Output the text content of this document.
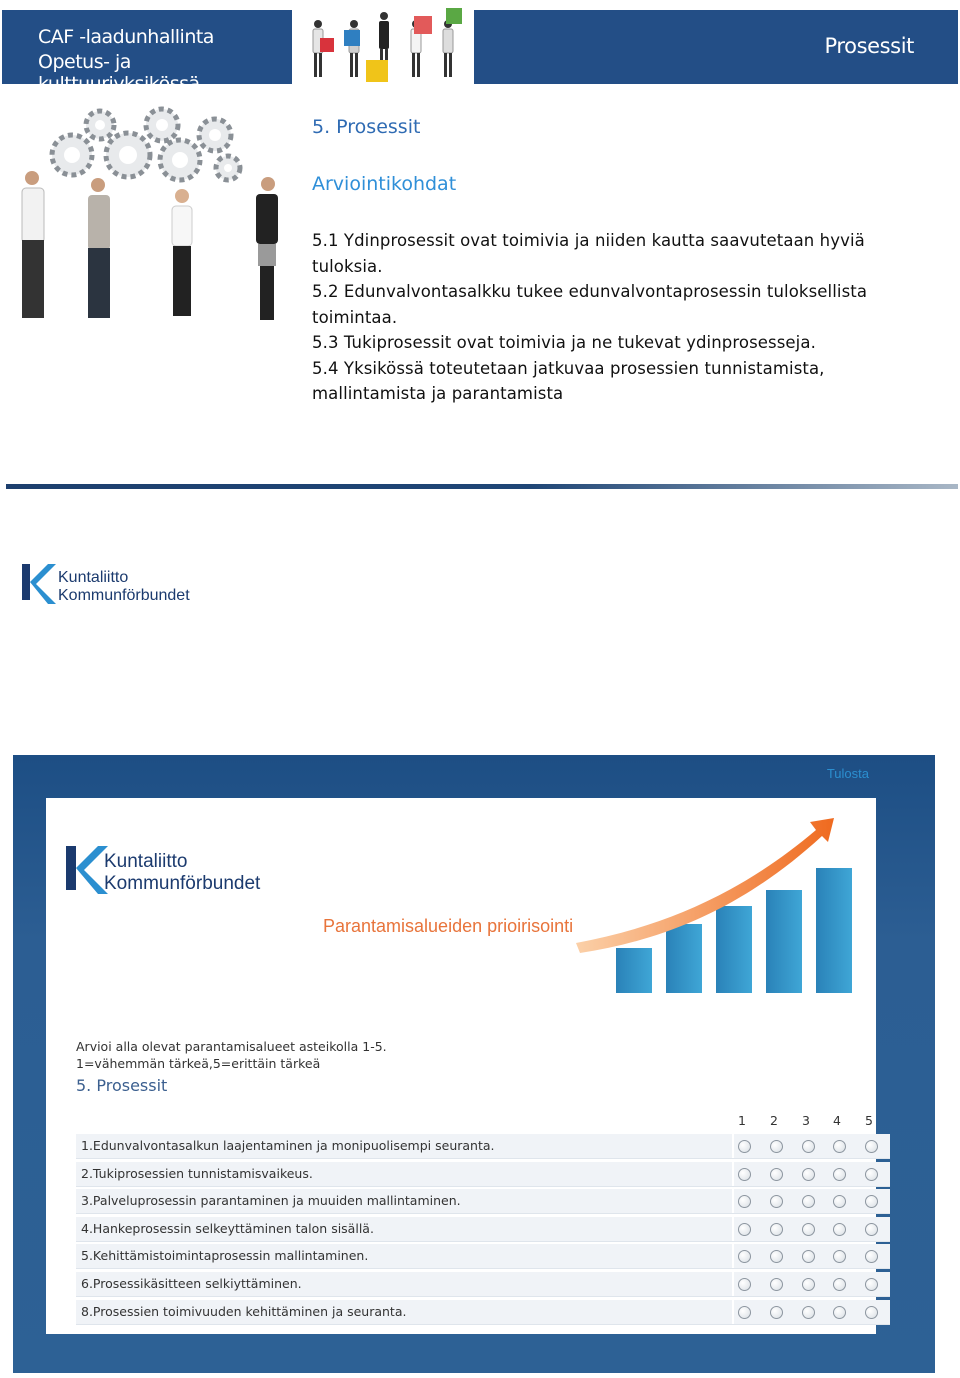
CAF -laadunhallinta
Opetus- ja kulttuuriyksikössä
Prosessit
5. Prosessit
Arviointikohdat

5.1 Ydinprosessit ovat toimivia ja niiden kautta saavutetaan hyviä tuloksia.

5.2 Edunvalvontasalkku tukee edunvalvontaprosessin tuloksellista toimintaa.

5.3 Tukiprosessit ovat toimivia ja ne tukevat ydinprosesseja.

5.4 Yksikössä toteutetaan jatkuvaa prosessien tunnistamista, mallintamista ja parantamista

Kuntaliitto
Kommunförbundet
Tulosta
Kuntaliitto
Kommunförbundet
Parantamisalueiden prioirisointi

Arvioi alla olevat parantamisalueet asteikolla 1-5.

1=vähemmän tärkeä,5=erittäin tärkeä

5. Prosessit
1	2	3	4	5
1.Edunvalvontasalkun laajentaminen ja monipuolisempi seuranta.
2.Tukiprosessien tunnistamisvaikeus.
3.Palveluprosessin parantaminen ja muuiden mallintaminen.
4.Hankeprosessin selkeyttäminen talon sisällä.
5.Kehittämistoimintaprosessin mallintaminen.
6.Prosessikäsitteen selkiyttäminen.
8.Prosessien toimivuuden kehittäminen ja seuranta.
